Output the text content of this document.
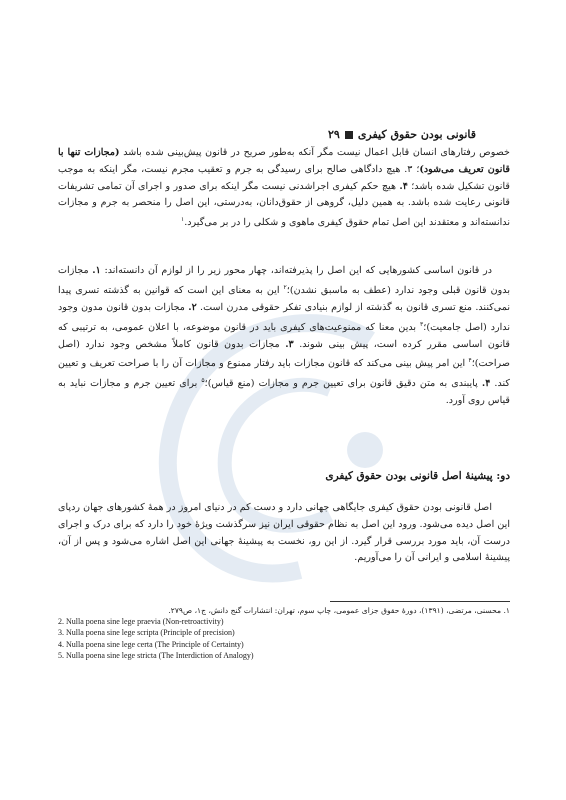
قانونی بودن حقوق کیفری
۲۹

خصوص رفتارهای انسان قابل اعمال نیست مگر آنکه به‌طور صریح در قانون پیش‌بینی شده باشد (مجازات تنها با قانون تعریف می‌شود)؛ ۳. هیچ دادگاهی صالح برای رسیدگی به جرم و تعقیب مجرم نیست، مگر اینکه به موجب قانون تشکیل شده باشد؛ ۴. هیچ حکم کیفری اجراشدنی نیست مگر اینکه برای صدور و اجرای آن تمامی تشریفات قانونی رعایت شده باشد. به همین دلیل، گروهی از حقوق‌دانان، به‌درستی، این اصل را منحصر به جرم و مجازات ندانسته‌اند و معتقدند این اصل تمام حقوق کیفری ماهوی و شکلی را در بر می‌گیرد.$^۱$

در قانون اساسی کشورهایی که این اصل را پذیرفته‌اند، چهار محور زیر را از لوازم آن دانسته‌اند: ۱. مجازات بدون قانون قبلی وجود ندارد (عطف به ماسبق نشدن)؛$^۲$ این به معنای این است که قوانین به گذشته تسری پیدا نمی‌کنند. منع تسری قانون به گذشته از لوازم بنیادی تفکر حقوقی مدرن است. ۲. مجازات بدون قانون مدون وجود ندارد (اصل جامعیت)؛$^۳$ بدین معنا که ممنوعیت‌های کیفری باید در قانون موضوعه، با اعلان عمومی، به ترتیبی که قانون اساسی مقرر کرده است، پیش بینی شوند. ۳. مجازات بدون قانون کاملاً مشخص وجود ندارد (اصل صراحت)؛$^۴$ این امر پیش بینی می‌کند که قانون مجازات باید رفتار ممنوع و مجازات آن را با صراحت تعریف و تعیین کند. ۴. پایبندی به متن دقیق قانون برای تعیین جرم و مجازات (منع قیاس)؛$^۵$ برای تعیین جرم و مجازات نباید به قیاس روی آورد.

دو: پیشینهٔ اصل قانونی بودن حقوق کیفری

اصل قانونی بودن حقوق کیفری جایگاهی جهانی دارد و دست کم در دنیای امروز در همهٔ کشورهای جهان ردپای این اصل دیده می‌شود. ورود این اصل به نظام حقوقی ایران نیز سرگذشت ویژهٔ خود را دارد که برای درک و اجرای درست آن، باید مورد بررسی قرار گیرد. از این رو، نخست به پیشینهٔ جهانی این اصل اشاره می‌شود و پس از آن، پیشینهٔ اسلامی و ایرانی آن را می‌آوریم.

۱. محسنی، مرتضی، (۱۳۹۱)، دورهٔ حقوق جزای عمومی، چاپ سوم، تهران: انتشارات گنج دانش، ج۱، ص۲۷۹.
2. Nulla poena sine lege praevia (Non-retroactivity)
3. Nulla poena sine lege scripta (Principle of precision)
4. Nulla poena sine lege certa (The Principle of Certainty)
5. Nulla poena sine lege stricta (The Interdiction of Analogy)
